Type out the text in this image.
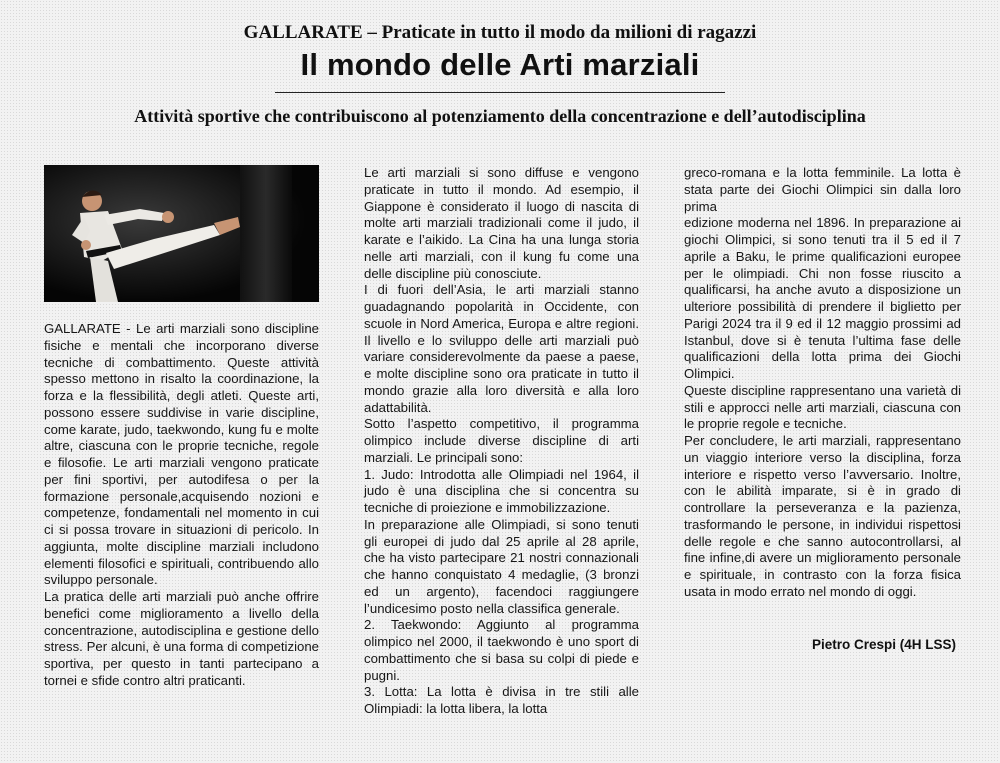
GALLARATE – Praticate in tutto il modo da milioni di ragazzi
Il mondo delle Arti marziali
Attività sportive che contribuiscono al potenziamento della concentrazione e dell’autodisciplina

GALLARATE - Le arti marziali sono discipline fisiche e mentali che incorporano diverse tecniche di combattimento. Queste attività spesso mettono in risalto la coordinazione, la forza e la flessibilità, degli atleti. Queste arti, possono essere suddivise in varie discipline, come karate, judo, taekwondo, kung fu e molte altre, ciascuna con le proprie tecniche, regole e filosofie. Le arti marziali vengono praticate per fini sportivi, per autodifesa o per la formazione personale,acquisendo nozioni e competenze, fondamentali nel momento in cui ci si possa trovare in situazioni di pericolo. In aggiunta, molte discipline marziali includono elementi filosofici e spirituali, contribuendo allo sviluppo personale.

La pratica delle arti marziali può anche offrire benefici come miglioramento a livello della concentrazione, autodisciplina e gestione dello stress. Per alcuni, è una forma di competizione sportiva, per questo in tanti partecipano a tornei e sfide contro altri praticanti.

Le arti marziali si sono diffuse e vengono praticate in tutto il mondo. Ad esempio, il Giappone è considerato il luogo di nascita di molte arti marziali tradizionali come il judo, il karate e l’aikido. La Cina ha una lunga storia nelle arti marziali, con il kung fu come una delle discipline più conosciute.

I di fuori dell’Asia, le arti marziali stanno guadagnando popolarità in Occidente, con scuole in Nord America, Europa e altre regioni. Il livello e lo sviluppo delle arti marziali può variare considerevolmente da paese a paese, e molte discipline sono ora praticate in tutto il mondo grazie alla loro diversità e alla loro adattabilità.

Sotto l’aspetto competitivo, il programma olimpico include diverse discipline di arti marziali. Le principali sono:

1. Judo: Introdotta alle Olimpiadi nel 1964, il judo è una disciplina che si concentra su tecniche di proiezione e immobilizzazione.

In preparazione alle Olimpiadi, si sono tenuti gli europei di judo dal 25 aprile al 28 aprile, che ha visto partecipare 21 nostri connazionali che hanno conquistato 4 medaglie, (3 bronzi ed un argento), facendoci raggiungere l’undicesimo posto nella classifica generale.

2. Taekwondo: Aggiunto al programma olimpico nel 2000, il taekwondo è uno sport di combattimento che si basa su colpi di piede e pugni.

3. Lotta: La lotta è divisa in tre stili alle Olimpiadi: la lotta libera, la lotta

greco-romana e la lotta femminile. La lotta è stata parte dei Giochi Olimpici sin dalla loro prima

edizione moderna nel 1896. In preparazione ai giochi Olimpici, si sono tenuti tra il 5 ed il 7 aprile a Baku, le prime qualificazioni europee per le olimpiadi. Chi non fosse riuscito a qualificarsi, ha anche avuto a disposizione un ulteriore possibilità di prendere il biglietto per Parigi 2024 tra il 9 ed il 12 maggio prossimi ad Istanbul, dove si è tenuta l’ultima fase delle qualificazioni della lotta prima dei Giochi Olimpici.

Queste discipline rappresentano una varietà di stili e approcci nelle arti marziali, ciascuna con le proprie regole e tecniche.

Per concludere, le arti marziali, rappresentano un viaggio interiore verso la disciplina, forza interiore e rispetto verso l’avversario. Inoltre, con le abilità imparate, si è in grado di controllare la perseveranza e la pazienza, trasformando le persone, in individui rispettosi delle regole e che sanno autocontrollarsi, al fine infine,di avere un miglioramento personale e spirituale, in contrasto con la forza fisica usata in modo errato nel mondo di oggi.

Pietro Crespi (4H LSS)
